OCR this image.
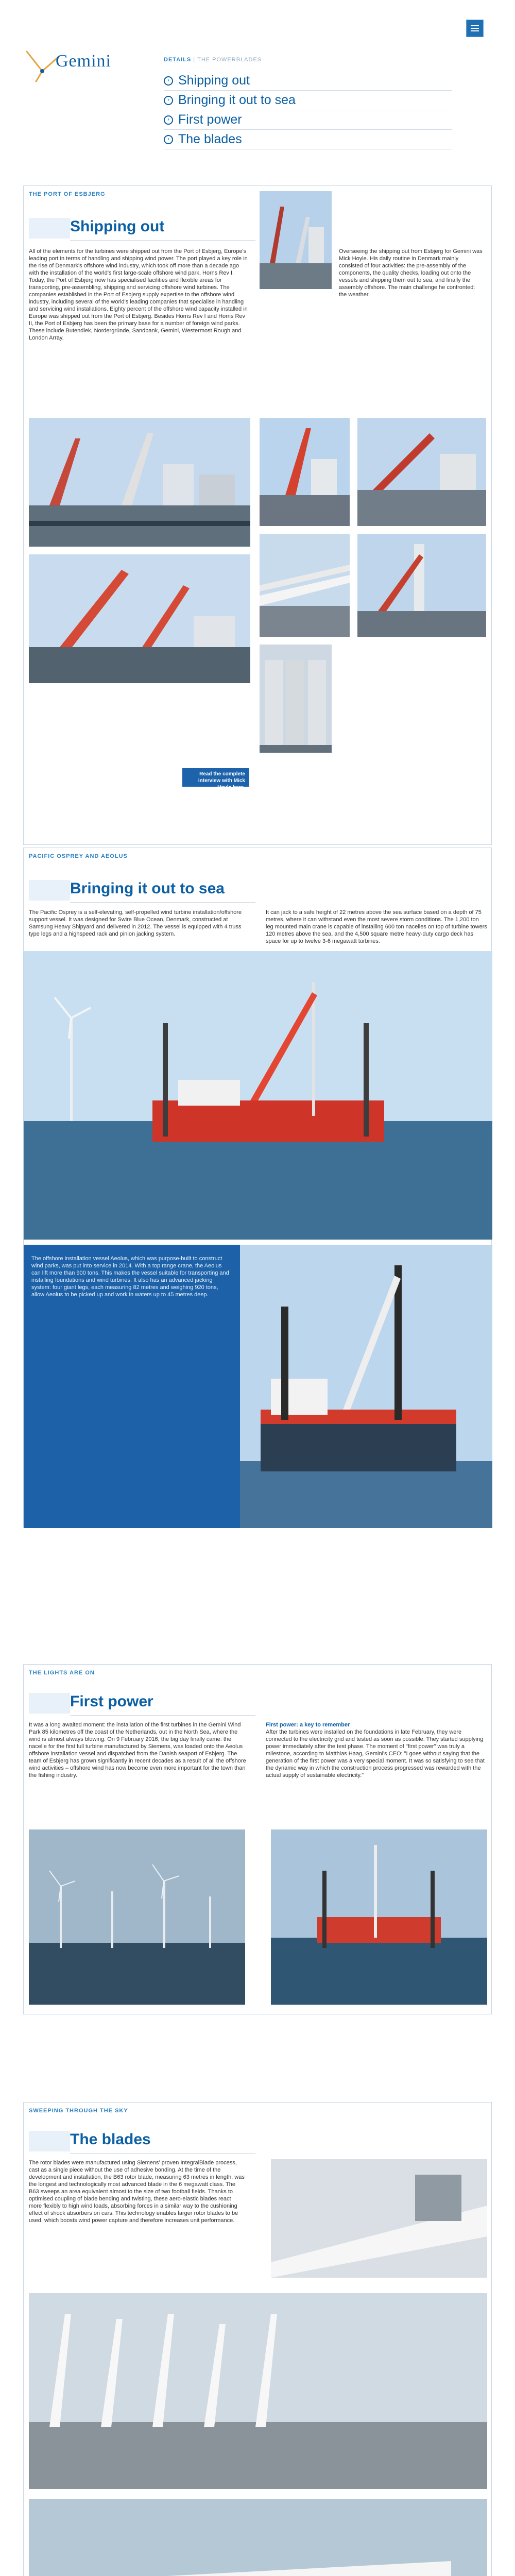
Gemini	DETAILS | THE POWERBLADES
› Shipping out
› Bringing it out to sea
› First power
› The blades
THE PORT OF ESBJERG
Shipping out
All of the elements for the turbines were shipped out from the Port of Esbjerg, Europe's leading port in terms of handling and shipping wind power. The port played a key role in the rise of Denmark's offshore wind industry, which took off more than a decade ago with the installation of the world's first large-scale offshore wind park, Horns Rev I. Today, the Port of Esbjerg now has specialised facilities and flexible areas for transporting, pre-assembling, shipping and servicing offshore wind turbines. The companies established in the Port of Esbjerg supply expertise to the offshore wind industry, including several of the world's leading companies that specialise in handling and servicing wind installations. Eighty percent of the offshore wind capacity installed in Europe was shipped out from the Port of Esbjerg. Besides Horns Rev I and Horns Rev II, the Port of Esbjerg has been the primary base for a number of foreign wind parks. These include Butendiek, Nordergründe, Sandbank, Gemini, Westermost Rough and London Array.
Overseeing the shipping out from Esbjerg for Gemini was Mick Hoyle. His daily routine in Denmark mainly consisted of four activities: the pre-assembly of the components, the quality checks, loading out onto the vessels and shipping them out to sea, and finally the assembly offshore. The main challenge he confronted: the weather.
Read the complete interview with Mick Hoyle here.
PACIFIC OSPREY AND AEOLUS
Bringing it out to sea
The Pacific Osprey is a self-elevating, self-propelled wind turbine installation/offshore support vessel. It was designed for Swire Blue Ocean, Denmark, constructed at Samsung Heavy Shipyard and delivered in 2012. The vessel is equipped with 4 truss type legs and a highspeed rack and pinion jacking system.
It can jack to a safe height of 22 metres above the sea surface based on a depth of 75 metres, where it can withstand even the most severe storm conditions. The 1,200 ton leg mounted main crane is capable of installing 600 ton nacelles on top of turbine towers 120 metres above the sea, and the 4,500 square metre heavy-duty cargo deck has space for up to twelve 3-6 megawatt turbines.
The offshore installation vessel Aeolus, which was purpose-built to construct wind parks, was put into service in 2014. With a top range crane, the Aeolus can lift more than 900 tons. This makes the vessel suitable for transporting and installing foundations and wind turbines. It also has an advanced jacking system: four giant legs, each measuring 82 metres and weighing 920 tons, allow Aeolus to be picked up and work in waters up to 45 metres deep.
THE LIGHTS ARE ON
First power
It was a long awaited moment: the installation of the first turbines in the Gemini Wind Park 85 kilometres off the coast of the Netherlands, out in the North Sea, where the wind is almost always blowing. On 9 February 2016, the big day finally came: the nacelle for the first full turbine manufactured by Siemens, was loaded onto the Aeolus offshore installation vessel and dispatched from the Danish seaport of Esbjerg. The team of Esbjerg has grown significantly in recent decades as a result of all the offshore wind activities – offshore wind has now become even more important for the town than the fishing industry.
First power: a key to remember
After the turbines were installed on the foundations in late February, they were connected to the electricity grid and tested as soon as possible. They started supplying power immediately after the test phase. The moment of "first power" was truly a milestone, according to Matthias Haag, Gemini's CEO: "I goes without saying that the generation of the first power was a very special moment. It was so satisfying to see that the dynamic way in which the construction process progressed was rewarded with the actual supply of sustainable electricity."
SWEEPING THROUGH THE SKY
The blades
The rotor blades were manufactured using Siemens' proven IntegralBlade process, cast as a single piece without the use of adhesive bonding. At the time of the development and installation, the B63 rotor blade, measuring 63 metres in length, was the longest and technologically most advanced blade in the 6 megawatt class. The B63 sweeps an area equivalent almost to the size of two football fields. Thanks to optimised coupling of blade bending and twisting, these aero-elastic blades react more flexibly to high wind loads, absorbing forces in a similar way to the cushioning effect of shock absorbers on cars. This technology enables larger rotor blades to be used, which boosts wind power capture and therefore increases unit performance.
